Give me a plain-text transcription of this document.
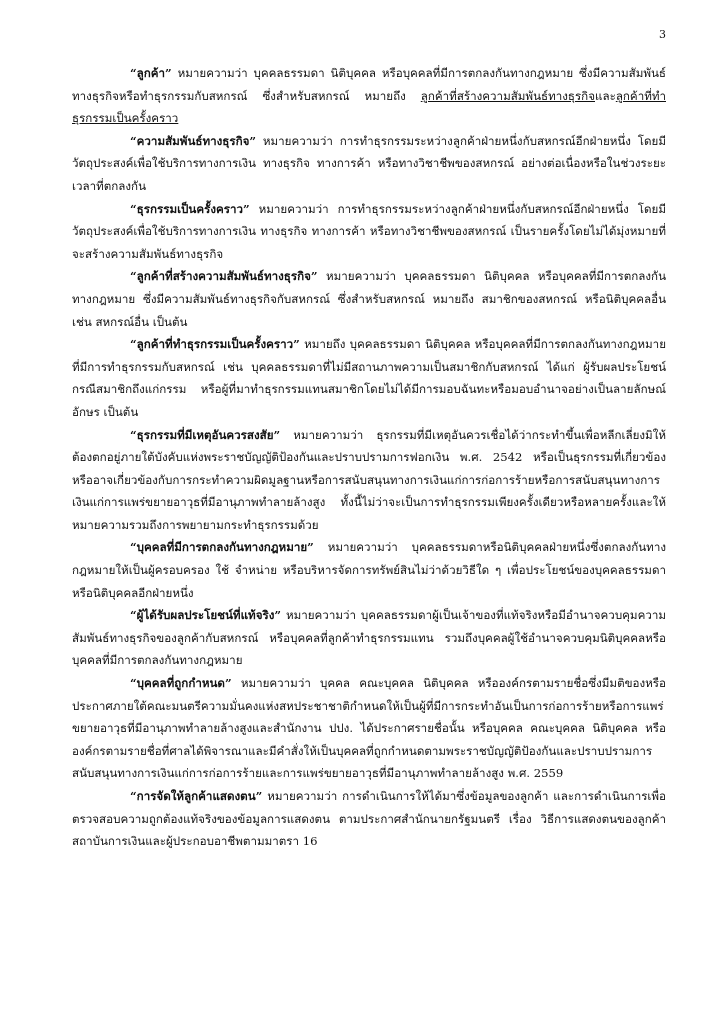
3

“ลูกค้า” หมายความว่า บุคคลธรรมดา นิติบุคคล หรือบุคคลที่มีการตกลงกันทางกฎหมาย ซึ่งมีความสัมพันธ์ทางธุรกิจหรือทำธุรกรรมกับสหกรณ์ ซึ่งสำหรับสหกรณ์ หมายถึง ลูกค้าที่สร้างความสัมพันธ์ทางธุรกิจและลูกค้าที่ทำธุรกรรมเป็นครั้งคราว

“ความสัมพันธ์ทางธุรกิจ” หมายความว่า การทำธุรกรรมระหว่างลูกค้าฝ่ายหนึ่งกับสหกรณ์อีกฝ่ายหนึ่ง โดยมีวัตถุประสงค์เพื่อใช้บริการทางการเงิน ทางธุรกิจ ทางการค้า หรือทางวิชาชีพของสหกรณ์ อย่างต่อเนื่องหรือในช่วงระยะเวลาที่ตกลงกัน

“ธุรกรรมเป็นครั้งคราว” หมายความว่า การทำธุรกรรมระหว่างลูกค้าฝ่ายหนึ่งกับสหกรณ์อีกฝ่ายหนึ่ง โดยมีวัตถุประสงค์เพื่อใช้บริการทางการเงิน ทางธุรกิจ ทางการค้า หรือทางวิชาชีพของสหกรณ์ เป็นรายครั้งโดยไม่ได้มุ่งหมายที่จะสร้างความสัมพันธ์ทางธุรกิจ

“ลูกค้าที่สร้างความสัมพันธ์ทางธุรกิจ” หมายความว่า บุคคลธรรมดา นิติบุคคล หรือบุคคลที่มีการตกลงกันทางกฎหมาย ซึ่งมีความสัมพันธ์ทางธุรกิจกับสหกรณ์ ซึ่งสำหรับสหกรณ์ หมายถึง สมาชิกของสหกรณ์ หรือนิติบุคคลอื่น เช่น สหกรณ์อื่น เป็นต้น

“ลูกค้าที่ทำธุรกรรมเป็นครั้งคราว” หมายถึง บุคคลธรรมดา นิติบุคคล หรือบุคคลที่มีการตกลงกันทางกฎหมายที่มีการทำธุรกรรมกับสหกรณ์ เช่น บุคคลธรรมดาที่ไม่มีสถานภาพความเป็นสมาชิกกับสหกรณ์ ได้แก่ ผู้รับผลประโยชน์กรณีสมาชิกถึงแก่กรรม หรือผู้ที่มาทำธุรกรรมแทนสมาชิกโดยไม่ได้มีการมอบฉันทะหรือมอบอำนาจอย่างเป็นลายลักษณ์อักษร เป็นต้น

“ธุรกรรมที่มีเหตุอันควรสงสัย” หมายความว่า ธุรกรรมที่มีเหตุอันควรเชื่อได้ว่ากระทำขึ้นเพื่อหลีกเลี่ยงมิให้ต้องตกอยู่ภายใต้บังคับแห่งพระราชบัญญัติป้องกันและปราบปรามการฟอกเงิน พ.ศ. 2542 หรือเป็นธุรกรรมที่เกี่ยวข้องหรืออาจเกี่ยวข้องกับการกระทำความผิดมูลฐานหรือการสนับสนุนทางการเงินแก่การก่อการร้ายหรือการสนับสนุนทางการเงินแก่การแพร่ขยายอาวุธที่มีอานุภาพทำลายล้างสูง ทั้งนี้ไม่ว่าจะเป็นการทำธุรกรรมเพียงครั้งเดียวหรือหลายครั้งและให้หมายความรวมถึงการพยายามกระทำธุรกรรมด้วย

“บุคคลที่มีการตกลงกันทางกฎหมาย” หมายความว่า บุคคลธรรมดาหรือนิติบุคคลฝ่ายหนึ่งซึ่งตกลงกันทางกฎหมายให้เป็นผู้ครอบครอง ใช้ จำหน่าย หรือบริหารจัดการทรัพย์สินไม่ว่าด้วยวิธีใด ๆ เพื่อประโยชน์ของบุคคลธรรมดาหรือนิติบุคคลอีกฝ่ายหนึ่ง

“ผู้ได้รับผลประโยชน์ที่แท้จริง” หมายความว่า บุคคลธรรมดาผู้เป็นเจ้าของที่แท้จริงหรือมีอำนาจควบคุมความสัมพันธ์ทางธุรกิจของลูกค้ากับสหกรณ์ หรือบุคคลที่ลูกค้าทำธุรกรรมแทน รวมถึงบุคคลผู้ใช้อำนาจควบคุมนิติบุคคลหรือบุคคลที่มีการตกลงกันทางกฎหมาย

“บุคคลที่ถูกกำหนด” หมายความว่า บุคคล คณะบุคคล นิติบุคคล หรือองค์กรตามรายชื่อซึ่งมีมติของหรือประกาศภายใต้คณะมนตรีความมั่นคงแห่งสหประชาชาติกำหนดให้เป็นผู้ที่มีการกระทำอันเป็นการก่อการร้ายหรือการแพร่ขยายอาวุธที่มีอานุภาพทำลายล้างสูงและสำนักงาน ปปง. ได้ประกาศรายชื่อนั้น หรือบุคคล คณะบุคคล นิติบุคคล หรือองค์กรตามรายชื่อที่ศาลได้พิจารณาและมีคำสั่งให้เป็นบุคคลที่ถูกกำหนดตามพระราชบัญญัติป้องกันและปราบปรามการสนับสนุนทางการเงินแก่การก่อการร้ายและการแพร่ขยายอาวุธที่มีอานุภาพทำลายล้างสูง พ.ศ. 2559

“การจัดให้ลูกค้าแสดงตน” หมายความว่า การดำเนินการให้ได้มาซึ่งข้อมูลของลูกค้า และการดำเนินการเพื่อตรวจสอบความถูกต้องแท้จริงของข้อมูลการแสดงตน ตามประกาศสำนักนายกรัฐมนตรี เรื่อง วิธีการแสดงตนของลูกค้าสถาบันการเงินและผู้ประกอบอาชีพตามมาตรา 16
